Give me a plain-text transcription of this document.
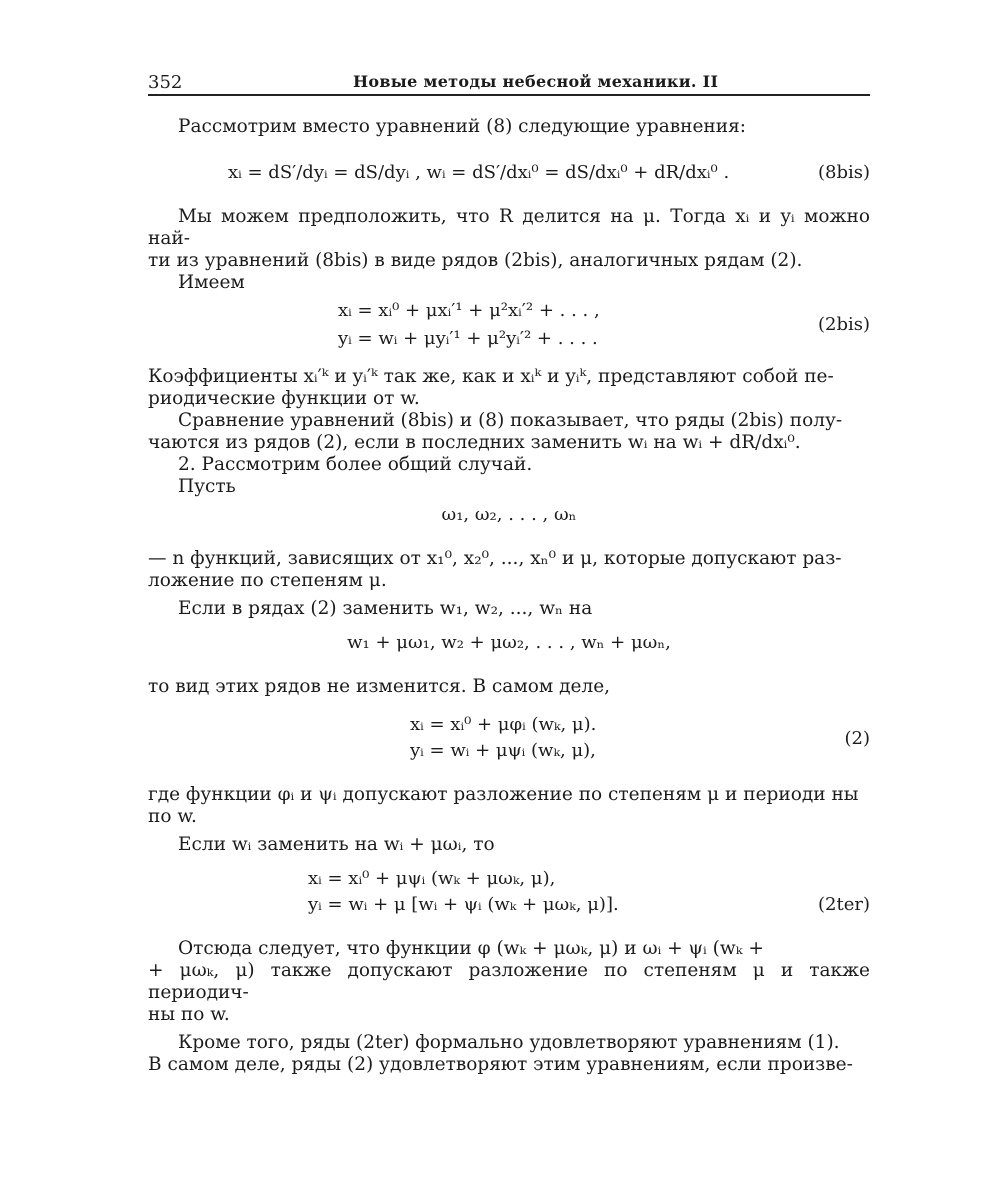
352	Новые методы небесной механики. II

Рассмотрим вместо уравнений (8) следующие уравнения:

xᵢ = dS′/dyᵢ = dS/dyᵢ , wᵢ = dS′/dxᵢ⁰ = dS/dxᵢ⁰ + dR/dxᵢ⁰ .	(8bis)

Мы можем предположить, что R делится на μ. Тогда xᵢ и yᵢ можно най-

ти из уравнений (8bis) в виде рядов (2bis), аналогичных рядам (2).

Имеем

xᵢ = xᵢ⁰ + μxᵢ′¹ + μ²xᵢ′² + . . . ,
yᵢ = wᵢ + μyᵢ′¹ + μ²yᵢ′² + . . . .
(2bis)

Коэффициенты xᵢ′ᵏ и yᵢ′ᵏ так же, как и xᵢᵏ и yᵢᵏ, представляют собой пе-

риодические функции от w.

Сравнение уравнений (8bis) и (8) показывает, что ряды (2bis) полу-

чаются из рядов (2), если в последних заменить wᵢ на wᵢ + dR/dxᵢ⁰.

2. Рассмотрим более общий случай.

Пусть

ω₁, ω₂, . . . , ωₙ

— n функций, зависящих от x₁⁰, x₂⁰, ..., xₙ⁰ и μ, которые допускают раз-

ложение по степеням μ.

Если в рядах (2) заменить w₁, w₂, ..., wₙ на

w₁ + μω₁, w₂ + μω₂, . . . , wₙ + μωₙ,

то вид этих рядов не изменится. В самом деле,

xᵢ = xᵢ⁰ + μφᵢ (wₖ, μ).
yᵢ = wᵢ + μψᵢ (wₖ, μ),
(2)

где функции φᵢ и ψᵢ допускают разложение по степеням μ и периоди ны

по w.

Если wᵢ заменить на wᵢ + μωᵢ, то

xᵢ = xᵢ⁰ + μψᵢ (wₖ + μωₖ, μ),
yᵢ = wᵢ + μ [wᵢ + ψᵢ (wₖ + μωₖ, μ)].	(2ter)

Отсюда следует, что функции φ (wₖ + μωₖ, μ) и ωᵢ + ψᵢ (wₖ +

+ μωₖ, μ) также допускают разложение по степеням μ и также периодич-

ны по w.

Кроме того, ряды (2ter) формально удовлетворяют уравнениям (1).

В самом деле, ряды (2) удовлетворяют этим уравнениям, если произве-
